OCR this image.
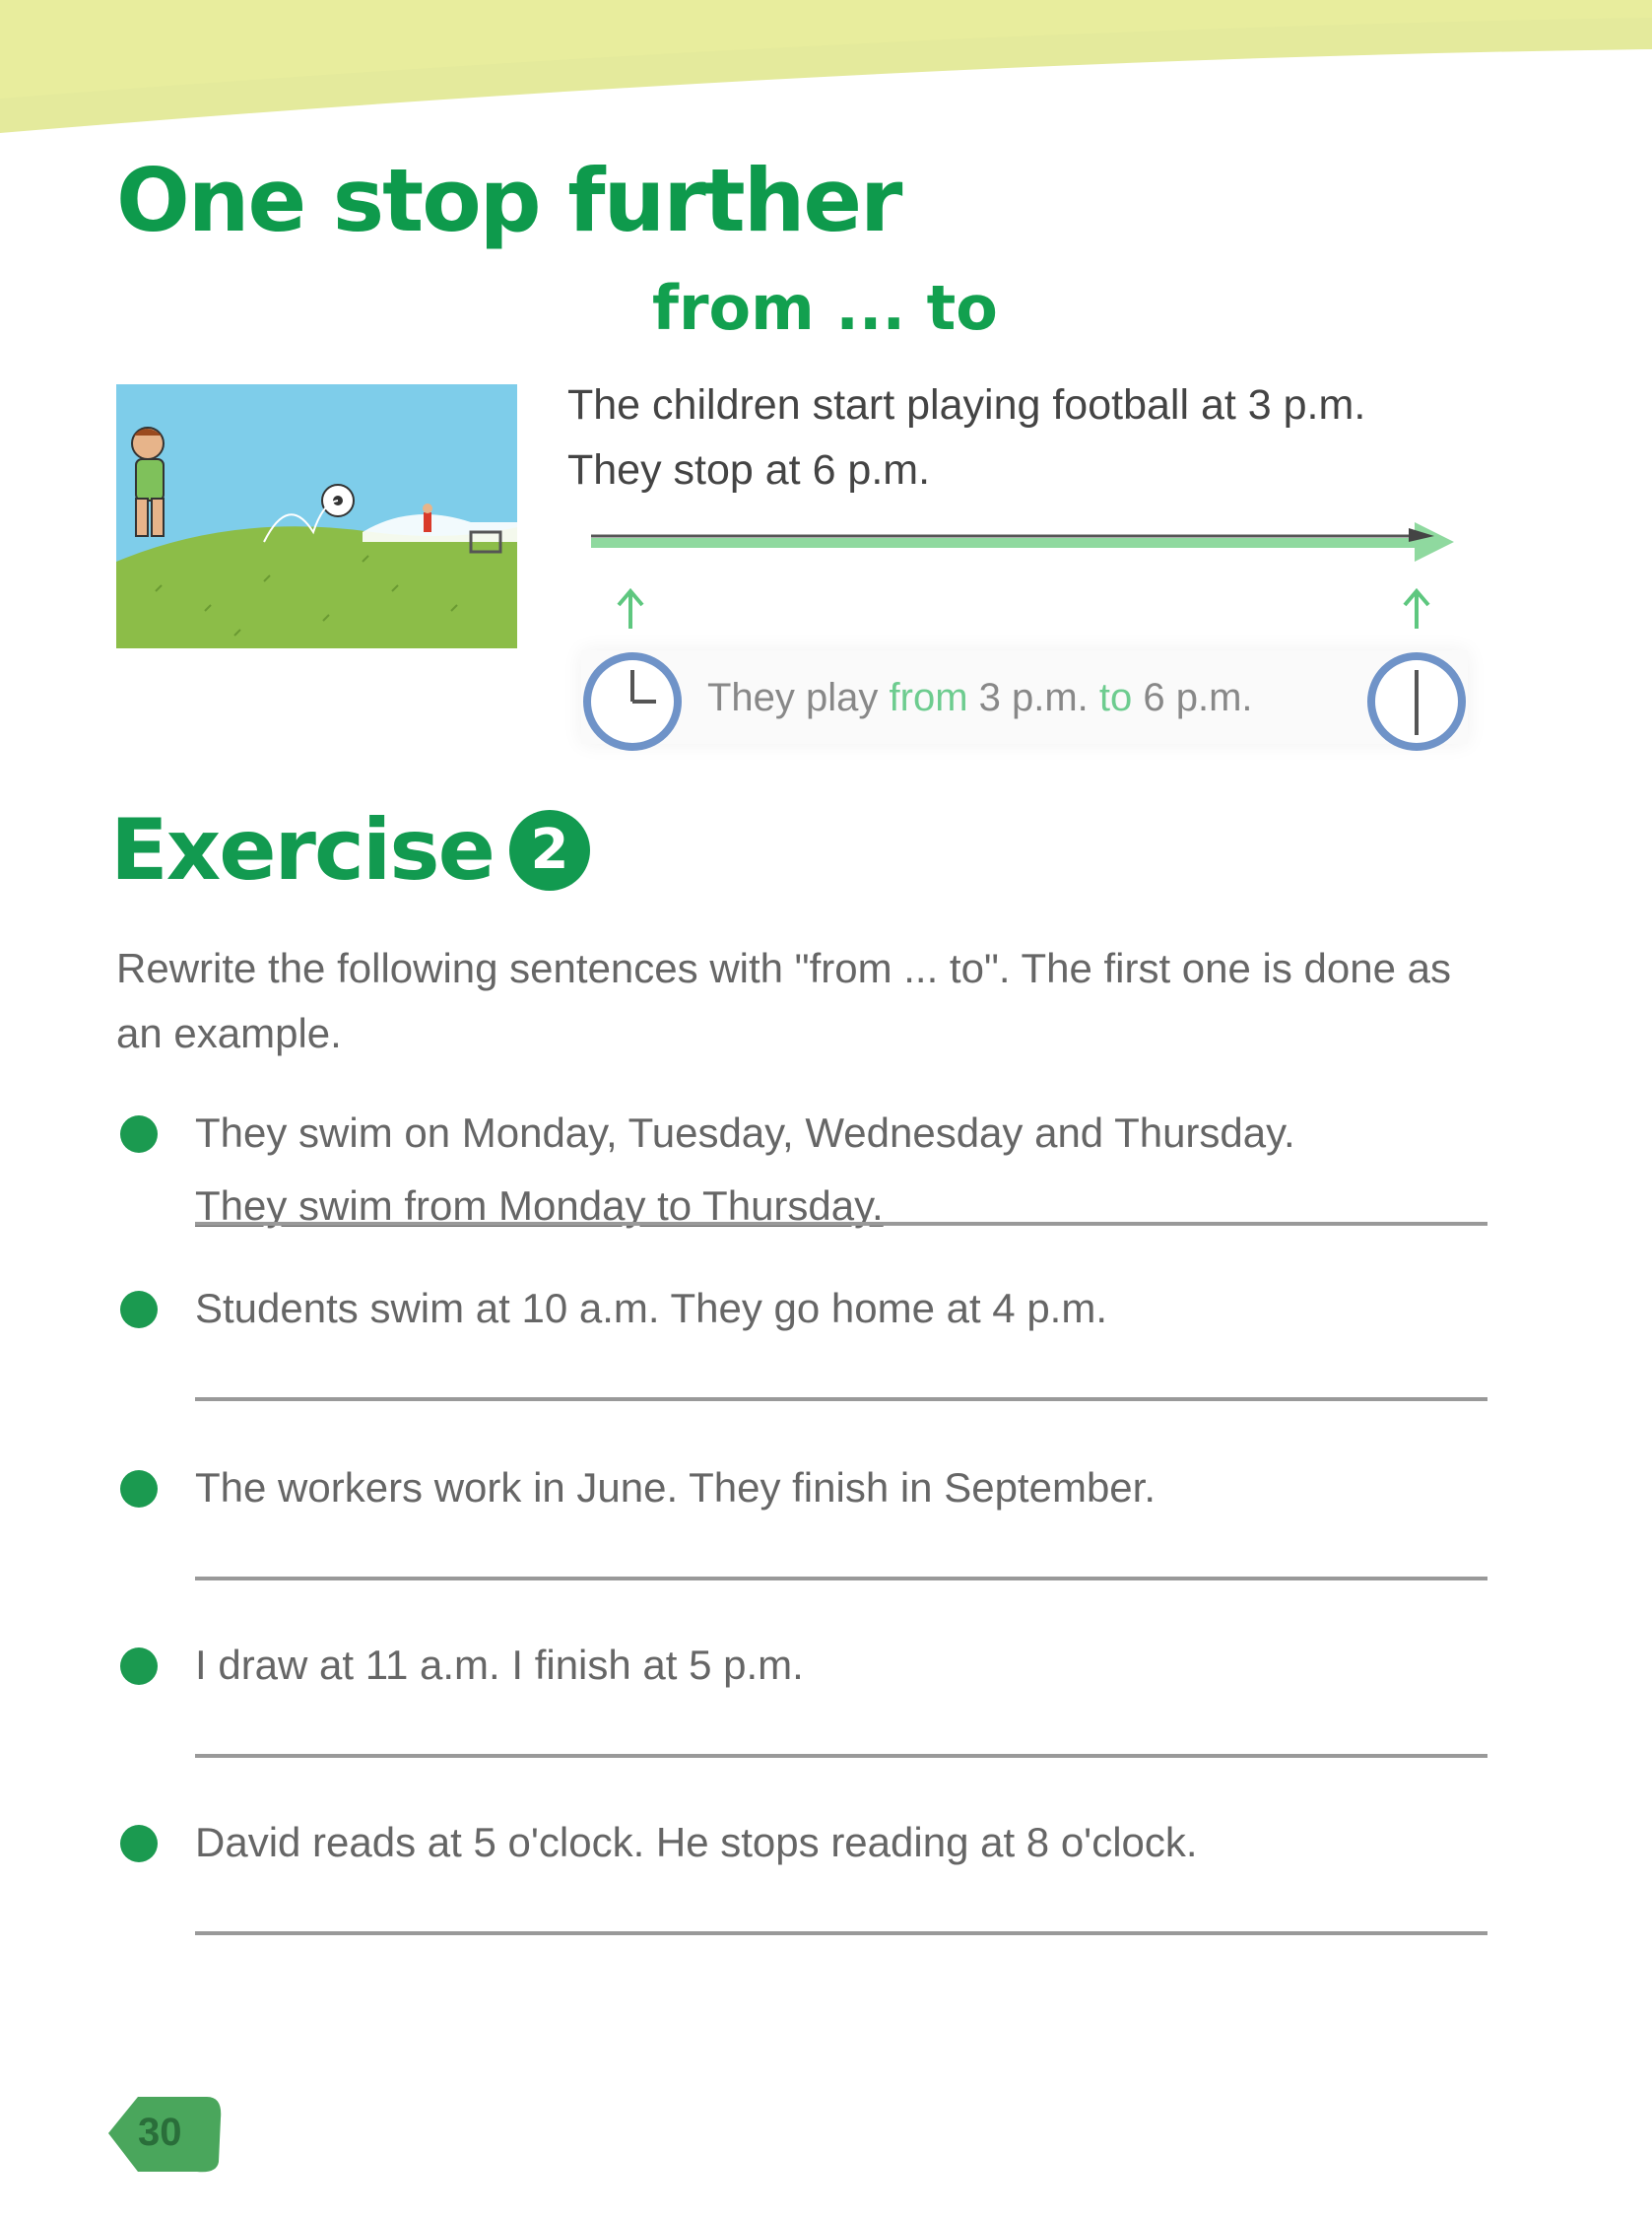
One stop further
from ... to

The children start playing football at 3 p.m.

They stop at 6 p.m.

They play from 3 p.m. to 6 p.m.
Exercise 2

Rewrite the following sentences with "from ... to". The first one is done as an example.

They swim on Monday, Tuesday, Wednesday and Thursday.
They swim from Monday to Thursday.
Students swim at 10 a.m. They go home at 4 p.m.
The workers work in June. They finish in September.
I draw at 11 a.m. I finish at 5 p.m.
David reads at 5 o'clock. He stops reading at 8 o'clock.
30
